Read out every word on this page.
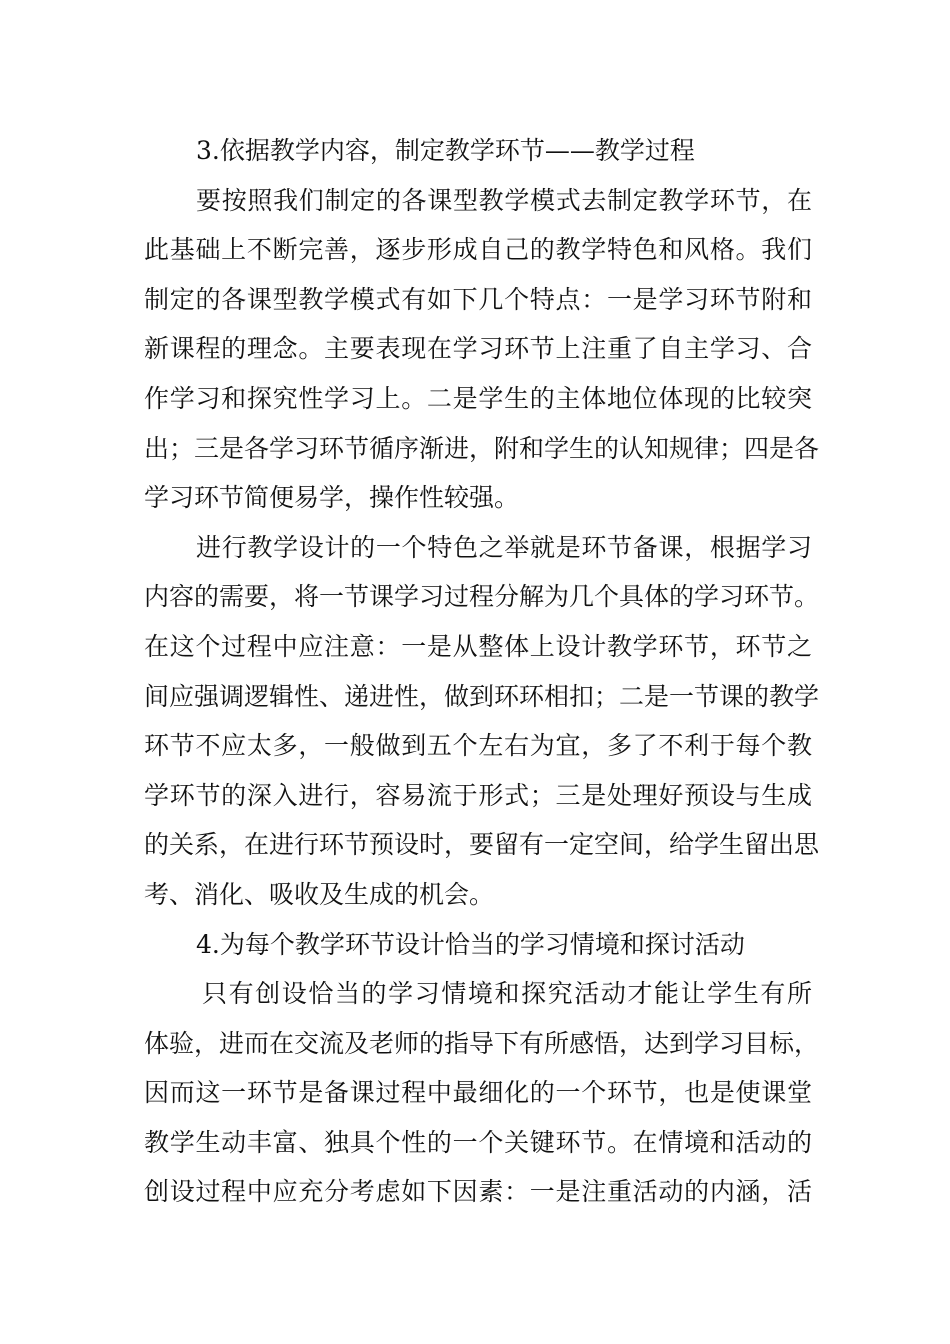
3.依据教学内容，制定教学环节——教学过程
要按照我们制定的各课型教学模式去制定教学环节，在
此基础上不断完善，逐步形成自己的教学特色和风格。我们
制定的各课型教学模式有如下几个特点：一是学习环节附和
新课程的理念。主要表现在学习环节上注重了自主学习、合
作学习和探究性学习上。二是学生的主体地位体现的比较突
出；三是各学习环节循序渐进，附和学生的认知规律；四是各
学习环节简便易学，操作性较强。
进行教学设计的一个特色之举就是环节备课，根据学习
内容的需要，将一节课学习过程分解为几个具体的学习环节。
在这个过程中应注意：一是从整体上设计教学环节，环节之
间应强调逻辑性、递进性，做到环环相扣；二是一节课的教学
环节不应太多，一般做到五个左右为宜，多了不利于每个教
学环节的深入进行，容易流于形式；三是处理好预设与生成
的关系，在进行环节预设时，要留有一定空间，给学生留出思
考、消化、吸收及生成的机会。
4.为每个教学环节设计恰当的学习情境和探讨活动
只有创设恰当的学习情境和探究活动才能让学生有所
体验，进而在交流及老师的指导下有所感悟，达到学习目标，
因而这一环节是备课过程中最细化的一个环节，也是使课堂
教学生动丰富、独具个性的一个关键环节。在情境和活动的
创设过程中应充分考虑如下因素：一是注重活动的内涵，活
